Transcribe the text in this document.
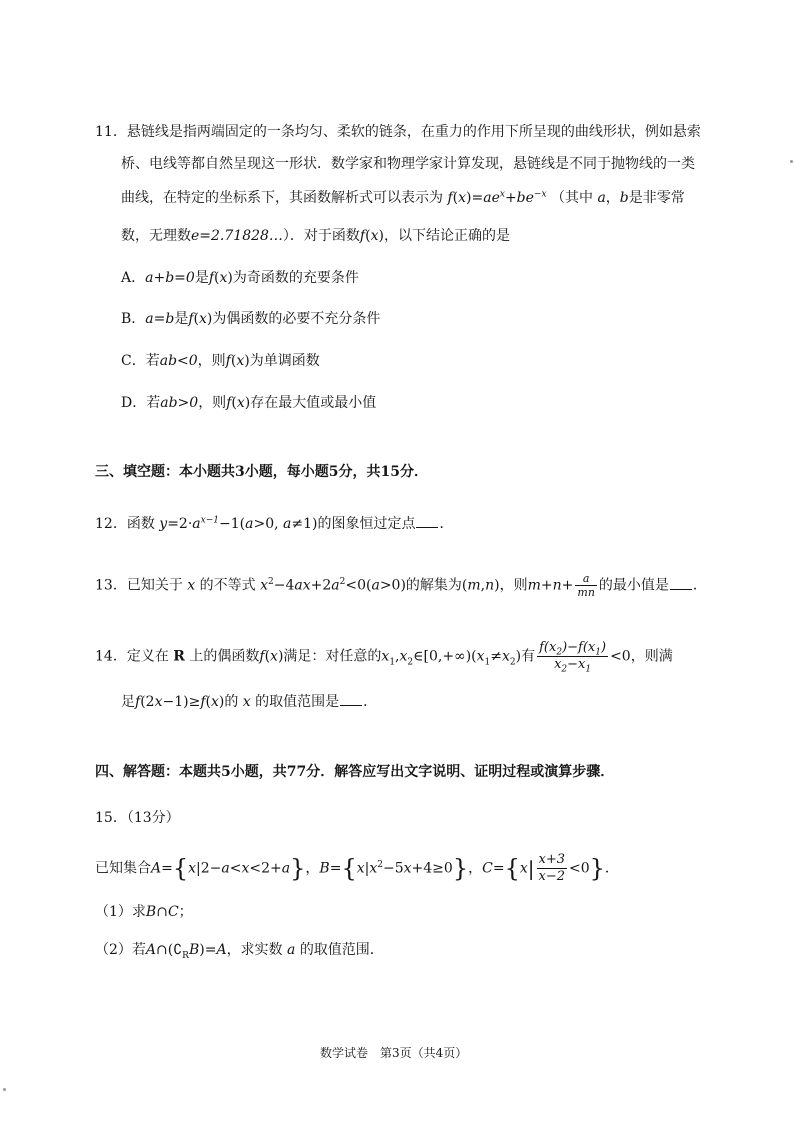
11．悬链线是指两端固定的一条均匀、柔软的链条，在重力的作用下所呈现的曲线形状，例如悬索
桥、电线等都自然呈现这一形状．数学家和物理学家计算发现，悬链线是不同于抛物线的一类
曲线，在特定的坐标系下，其函数解析式可以表示为 $f(x)=ae^x+be^{-x}$ （其中 a，b是非零常
数，无理数e=2.71828…）．对于函数f(x)，以下结论正确的是
A．a+b=0是f(x)为奇函数的充要条件
B．a=b是f(x)为偶函数的必要不充分条件
C．若ab<0，则f(x)为单调函数
D．若ab>0，则f(x)存在最大值或最小值
三、填空题：本小题共3小题，每小题5分，共15分．
12．函数 $y=2\cdot a^{x-1}-1(a>0$, a≠1)的图象恒过定点 ．
13．已知关于 x 的不等式 $x^2-4ax+2a^2<0(a>0)$的解集为(m,n)，则$m+n+ \frac{a}{mn}$ 的最小值是 ．
14．定义在 R 上的偶函数f(x)满足：对任意的$x_1,x_2\in[0,+\infty)(x_1\ne x_2)$有 $\frac{f(x_2)-f(x_1)}{x_2-x_1} <0$，则满
足f(2x−1)≥f(x)的 x 的取值范围是 ．
四、解答题：本题共5小题，共77分．解答应写出文字说明、证明过程或演算步骤．
15．（13分）
已知集合A={x|2−a<x<2+a}，$B=\{x|x^2-5x+4\ge 0\}$，$C=\{x| \frac{x+3}{x-2} <0\}$．
（1）求B∩C；
（2）若$A\cap(∁_RB)=A$，求实数 a 的取值范围．
数学试卷　第3页（共4页）
